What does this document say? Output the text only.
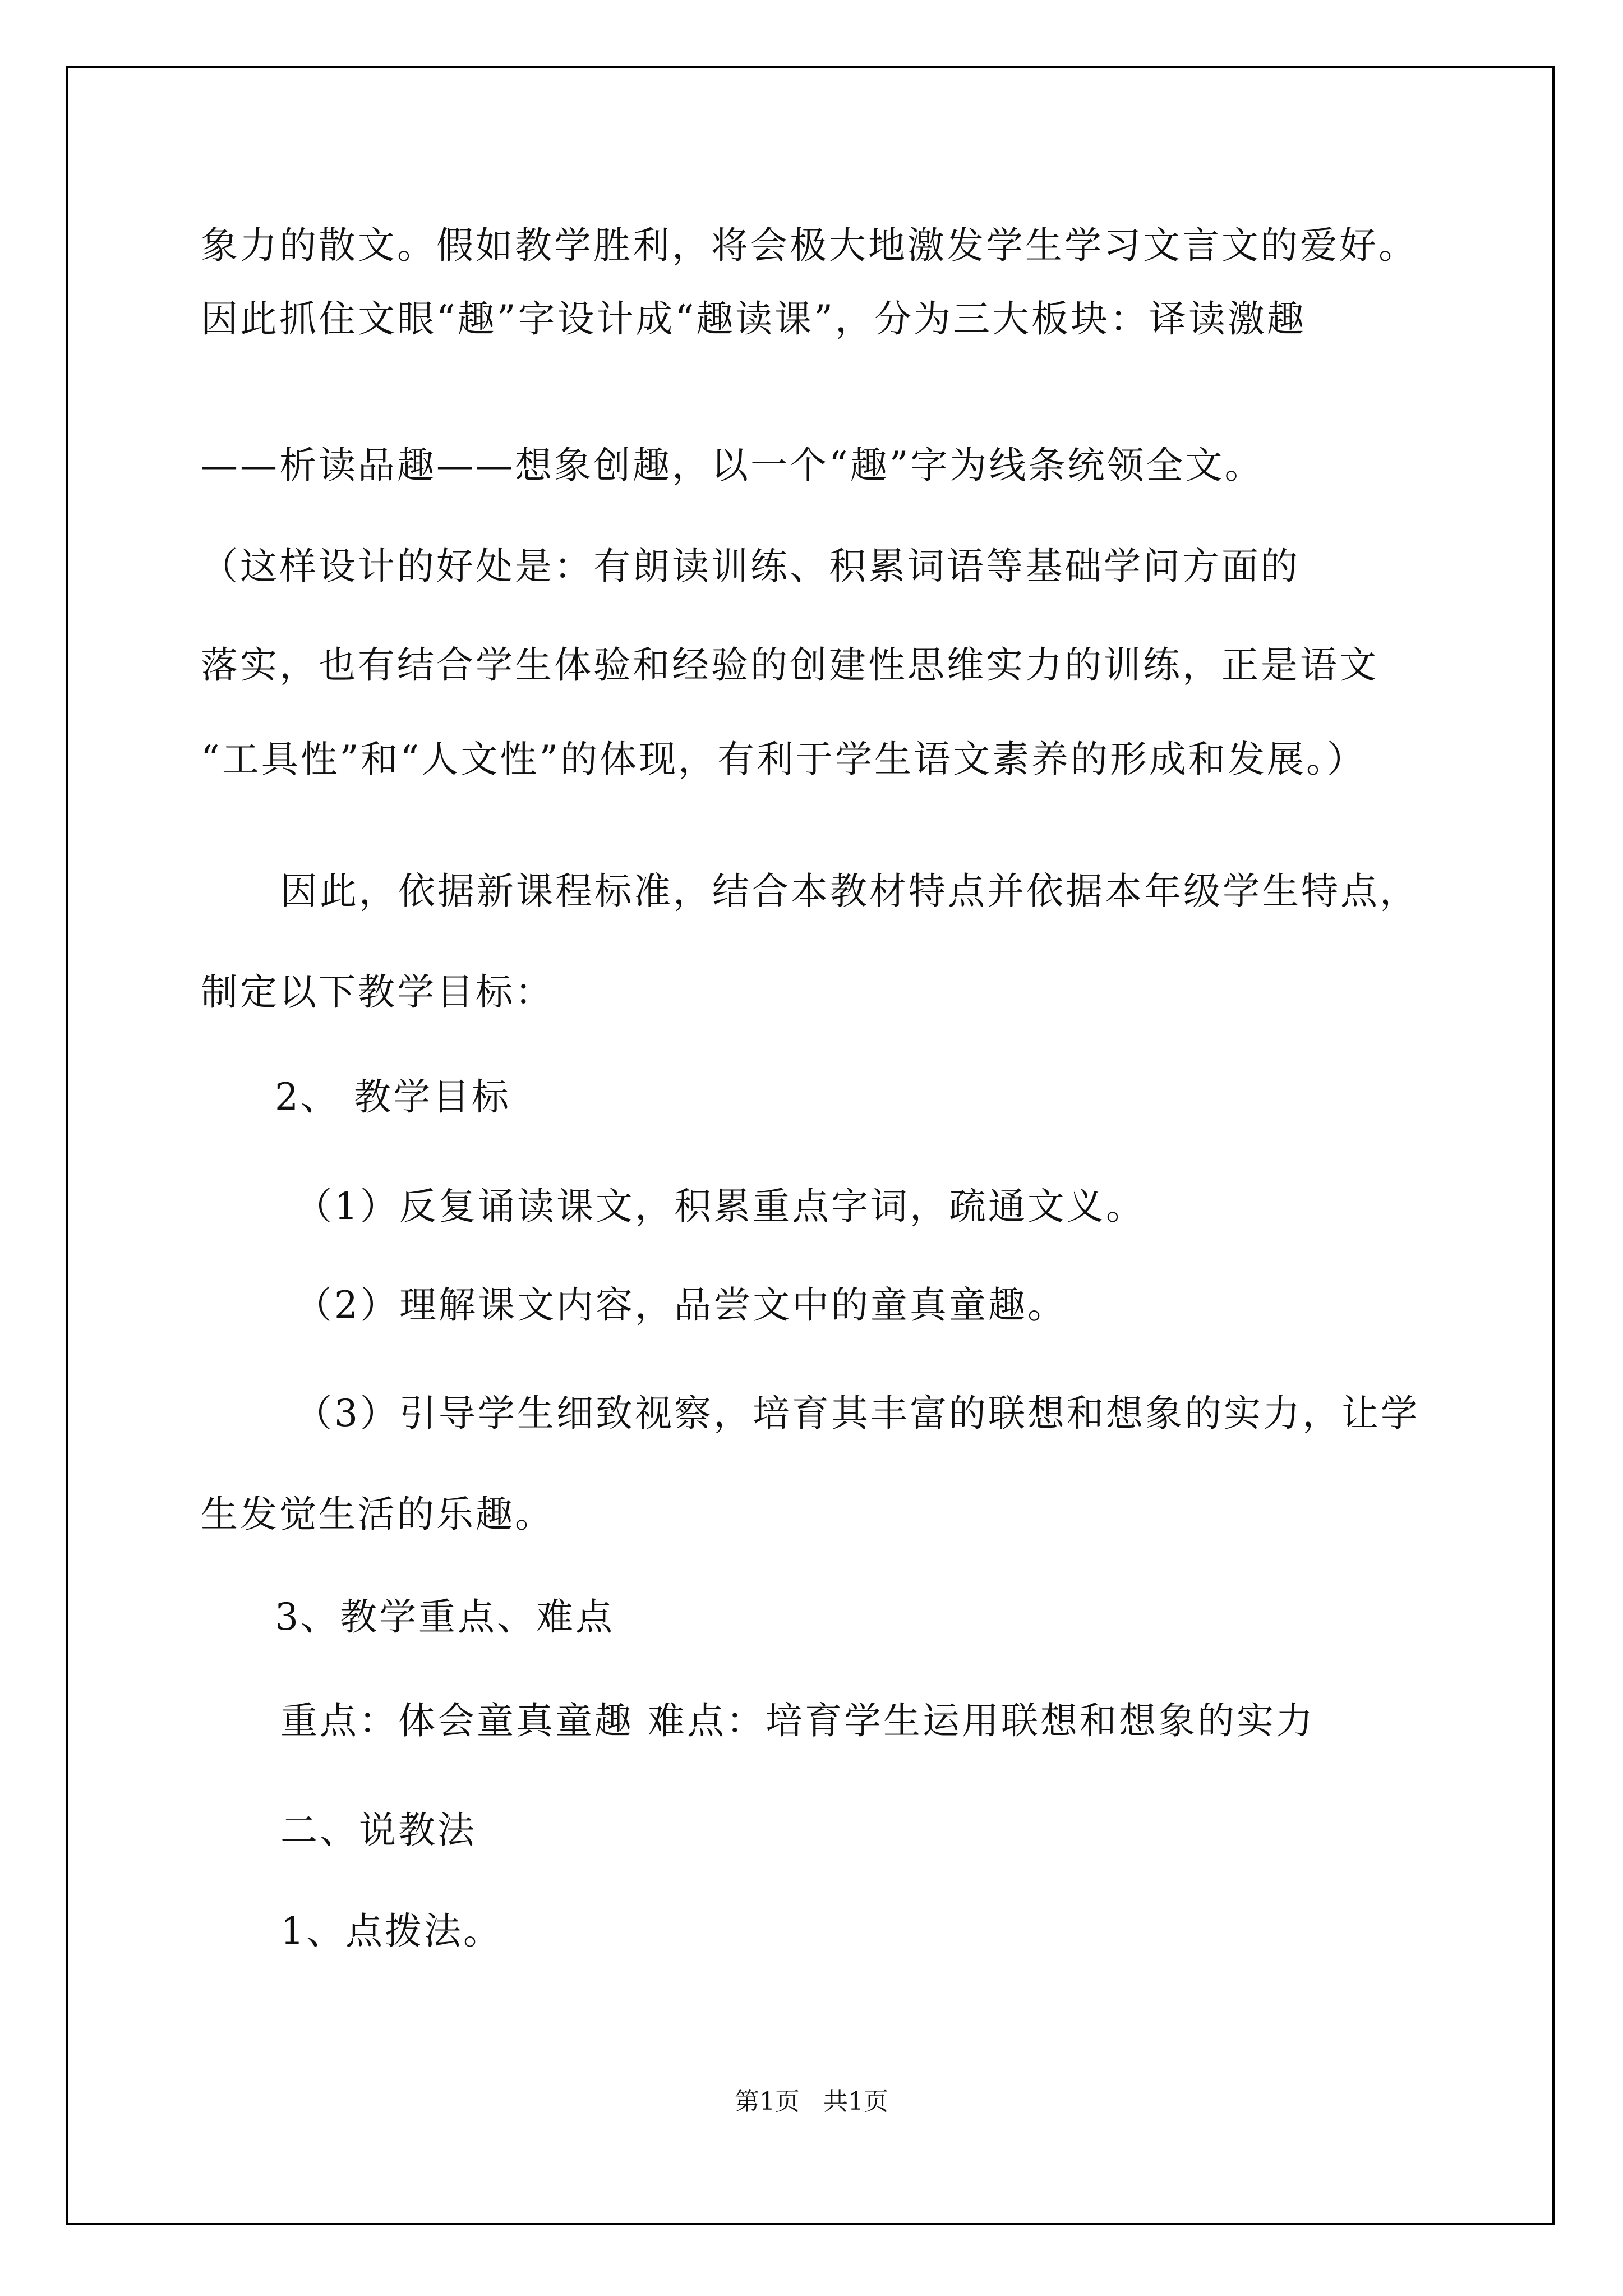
象力的散文。假如教学胜利，将会极大地激发学生学习文言文的爱好。
因此抓住文眼“趣”字设计成“趣读课”，分为三大板块：译读激趣
——析读品趣——想象创趣，以一个“趣”字为线条统领全文。
（这样设计的好处是：有朗读训练、积累词语等基础学问方面的
落实，也有结合学生体验和经验的创建性思维实力的训练，正是语文
“工具性”和“人文性”的体现，有利于学生语文素养的形成和发展。）
因此，依据新课程标准，结合本教材特点并依据本年级学生特点，
制定以下教学目标：
2、 教学目标
（1）反复诵读课文，积累重点字词，疏通文义。
（2）理解课文内容，品尝文中的童真童趣。
（3）引导学生细致视察，培育其丰富的联想和想象的实力，让学
生发觉生活的乐趣。
3、教学重点、难点
重点：体会童真童趣 难点：培育学生运用联想和想象的实力
二、说教法
1、点拨法。
第1页 共1页
